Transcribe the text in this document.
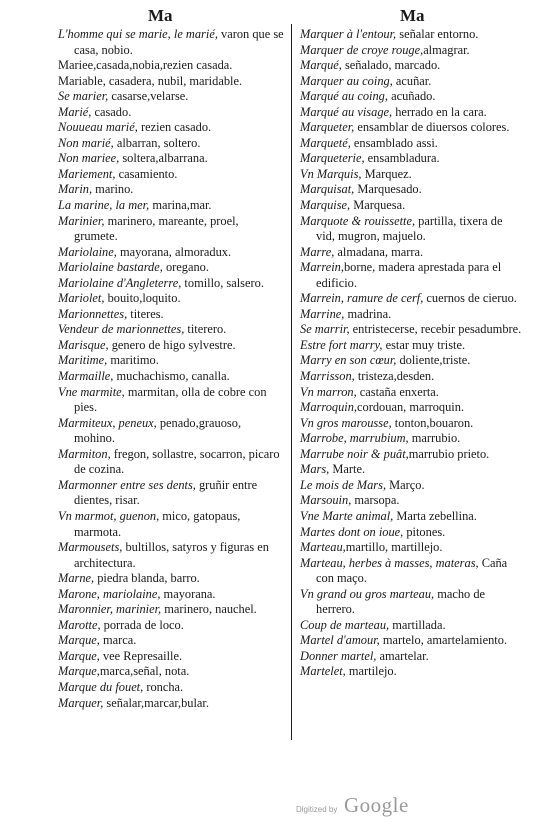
Ma	Ma

L'homme qui se marie, le marié, varon que se casa, nobio.

Mariee,casada,nobia,rezien casada.

Mariable, casadera, nubil, maridable.

Se marier, casarse,velarse.

Marié, casado.

Nouueau marié, rezien casado.

Non marié, albarran, soltero.

Non mariee, soltera,albarrana.

Mariement, casamiento.

Marin, marino.

La marine, la mer, marina,mar.

Marinier, marinero, mareante, proel, grumete.

Mariolaine, mayorana, almoradux.

Mariolaine bastarde, oregano.

Mariolaine d'Angleterre, tomillo, salsero.

Mariolet, bouito,loquito.

Marionnettes, titeres.

Vendeur de marionnettes, titerero.

Marisque, genero de higo sylvestre.

Maritime, maritimo.

Marmaille, muchachismo, canalla.

Vne marmite, marmitan, olla de cobre con pies.

Marmiteux, peneux, penado,grauoso, mohino.

Marmiton, fregon, sollastre, socarron, picaro de cozina.

Marmonner entre ses dents, gruñir entre dientes, risar.

Vn marmot, guenon, mico, gatopaus, marmota.

Marmousets, bultillos, satyros y figuras en architectura.

Marne, piedra blanda, barro.

Marone, mariolaine, mayorana.

Maronnier, marinier, marinero, nauchel.

Marotte, porrada de loco.

Marque, marca.

Marque, vee Represaille.

Marque,marca,señal, nota.

Marque du fouet, roncha.

Marquer, señalar,marcar,bular.

Marquer à l'entour, señalar entorno.

Marquer de croye rouge,almagrar.

Marqué, señalado, marcado.

Marquer au coing, acuñar.

Marqué au coing, acuñado.

Marqué au visage, herrado en la cara.

Marqueter, ensamblar de diuersos colores.

Marqueté, ensamblado assi.

Marqueterie, ensambladura.

Vn Marquis, Marquez.

Marquisat, Marquesado.

Marquise, Marquesa.

Marquote & rouissette, partilla, tixera de vid, mugron, majuelo.

Marre, almadana, marra.

Marrein,borne, madera aprestada para el edificio.

Marrein, ramure de cerf, cuernos de cieruo.

Marrine, madrina.

Se marrir, entristecerse, recebir pesadumbre.

Estre fort marry, estar muy triste.

Marry en son cœur, doliente,triste.

Marrisson, tristeza,desden.

Vn marron, castaña enxerta.

Marroquin,cordouan, marroquin.

Vn gros marousse, tonton,bouaron.

Marrobe, marrubium, marrubio.

Marrube noir & puât,marrubio prieto.

Mars, Marte.

Le mois de Mars, Março.

Marsouin, marsopa.

Vne Marte animal, Marta zebellina.

Martes dont on ioue, pitones.

Marteau,martillo, martillejo.

Marteau, herbes à masses, materas, Caña con maço.

Vn grand ou gros marteau, macho de herrero.

Coup de marteau, martillada.

Martel d'amour, martelo, amartelamiento.

Donner martel, amartelar.

Martelet, martilejo.

Digitized by Google
